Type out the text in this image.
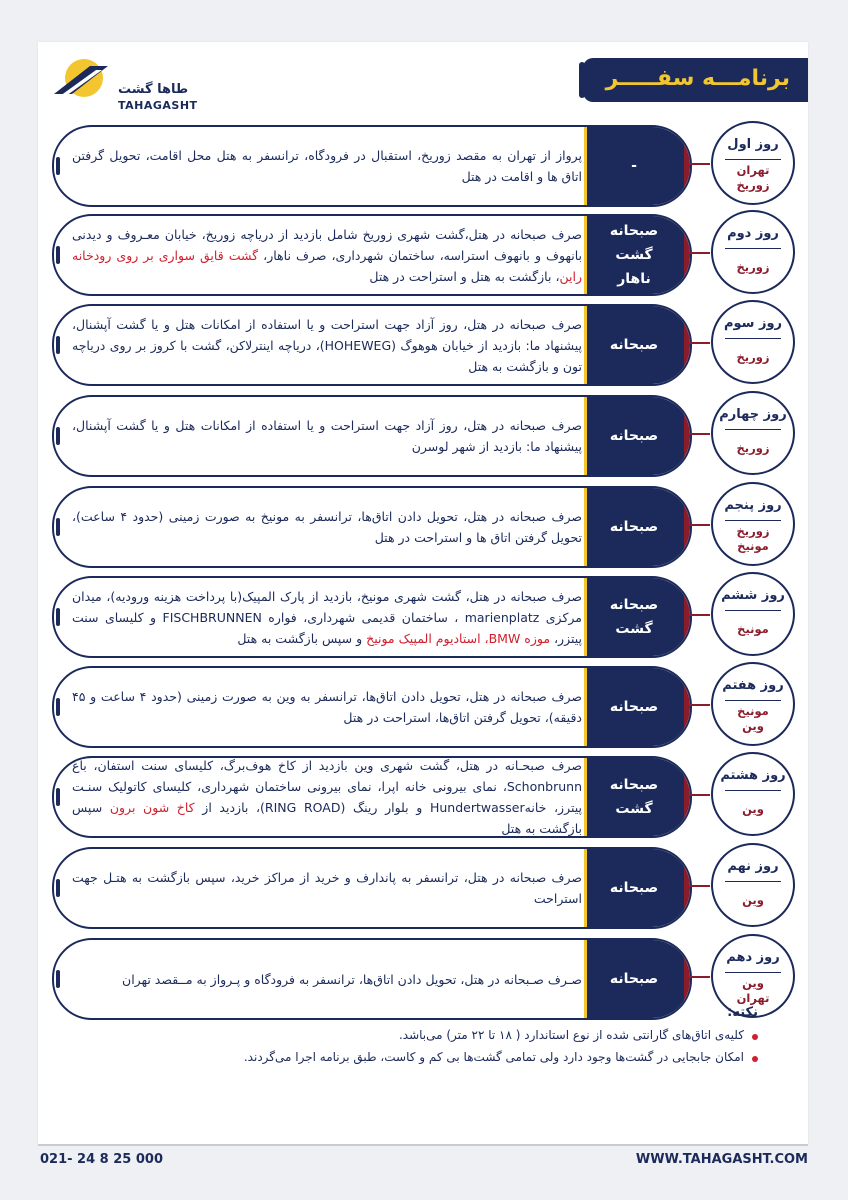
طاها گشت
TAHAGASHT
برنامـــه سفـــــر

پرواز از تهران به مقصد زوریخ، استقبال در فرودگاه، ترانسفر به هتل محل اقامت، تحویل گرفتن اتاق ها و اقامت در هتل

-
روز اول
تهران
زوریخ

صرف صبحانه در هتل،گشت شهری زوریخ شامل بازدید از دریاچه زوریخ، خیابان معـروف و دیدنی بانهوف و بانهوف استراسه، ساختمان شهرداری، صرف ناهار، گشت قایق سواری بر روی رودخانه راین، بازگشت به هتل و استراحت در هتل

صبحانه
گشت
ناهار
روز دوم
زوریخ

صرف صبحانه در هتل، روز آزاد جهت استراحت و یا استفاده از امکانات هتل و یا گشت آپشنال، پیشنهاد ما: بازدید از خیابان هوهوگ (HOHEWEG)، دریاچه اینترلاکن، گشت با کروز بر روی دریاچه تون و بازگشت به هتل

صبحانه
روز سوم
زوریخ

صرف صبحانه در هتل، روز آزاد جهت استراحت و یا استفاده از امکانات هتل و یا گشت آپشنال، پیشنهاد ما: بازدید از شهر لوسرن

صبحانه
روز چهارم
زوریخ

صرف صبحانه در هتل، تحویل دادن اتاق‌ها، ترانسفر به مونیخ به صورت زمینی (حدود ۴ ساعت)، تحویل گرفتن اتاق ها و استراحت در هتل

صبحانه
روز پنجم
زوریخ
مونیخ

صرف صبحانه در هتل، گشت شهری مونیخ، بازدید از پارک المپیک(با پرداخت هزینه ورودیه)، میدان مرکزی marienplatz ، ساختمان قدیمی شهرداری، فواره FISCHBRUNNEN و کلیسای سنت پیتزر، موزه BMW، استادیوم المپیک مونیخ و سپس بازگشت به هتل

صبحانه
گشت
روز ششم
مونیخ

صرف صبحانه در هتل، تحویل دادن اتاق‌ها، ترانسفر به وین به صورت زمینی (حدود ۴ ساعت و ۴۵ دقیقه)، تحویل گرفتن اتاق‌ها، استراحت در هتل

صبحانه
روز هفتم
مونیخ
وین

صرف صبحـانه در هتل، گشت شهری وین بازدید از کاخ هوف‌برگ، کلیسای سنت استفان، باغ Schonbrunn، نمای بیرونی خانه اپرا، نمای بیرونی ساختمان شهرداری، کلیسای کاتولیک سنـت پیترز، خانهHundertwasser و بلوار رینگ (RING ROAD)، بازدید از کاخ شون برون سپس بازگشت به هتل

صبحانه
گشت
روز هشتم
وین

صرف صبحانه در هتل، ترانسفر به پاندارف و خرید از مراکز خرید، سپس بازگشت به هتـل جهت استراحت

صبحانه
روز نهم
وین

صـرف صـبحانه در هتل، تحویل دادن اتاق‌ها، ترانسفر به فرودگاه و پـرواز به مــقصد تهران صبحانه
روز دهم
وین
تهران
نکته:
کلیه‌ی اتاق‌های گارانتی شده از نوع استاندارد ( ۱۸ تا ۲۲ متر) می‌باشد.
امکان جابجایی در گشت‌ها وجود دارد ولی تمامی گشت‌ها بی کم و کاست، طبق برنامه اجرا می‌گردند.
021- 24 8 25 000	WWW.TAHAGASHT.COM
